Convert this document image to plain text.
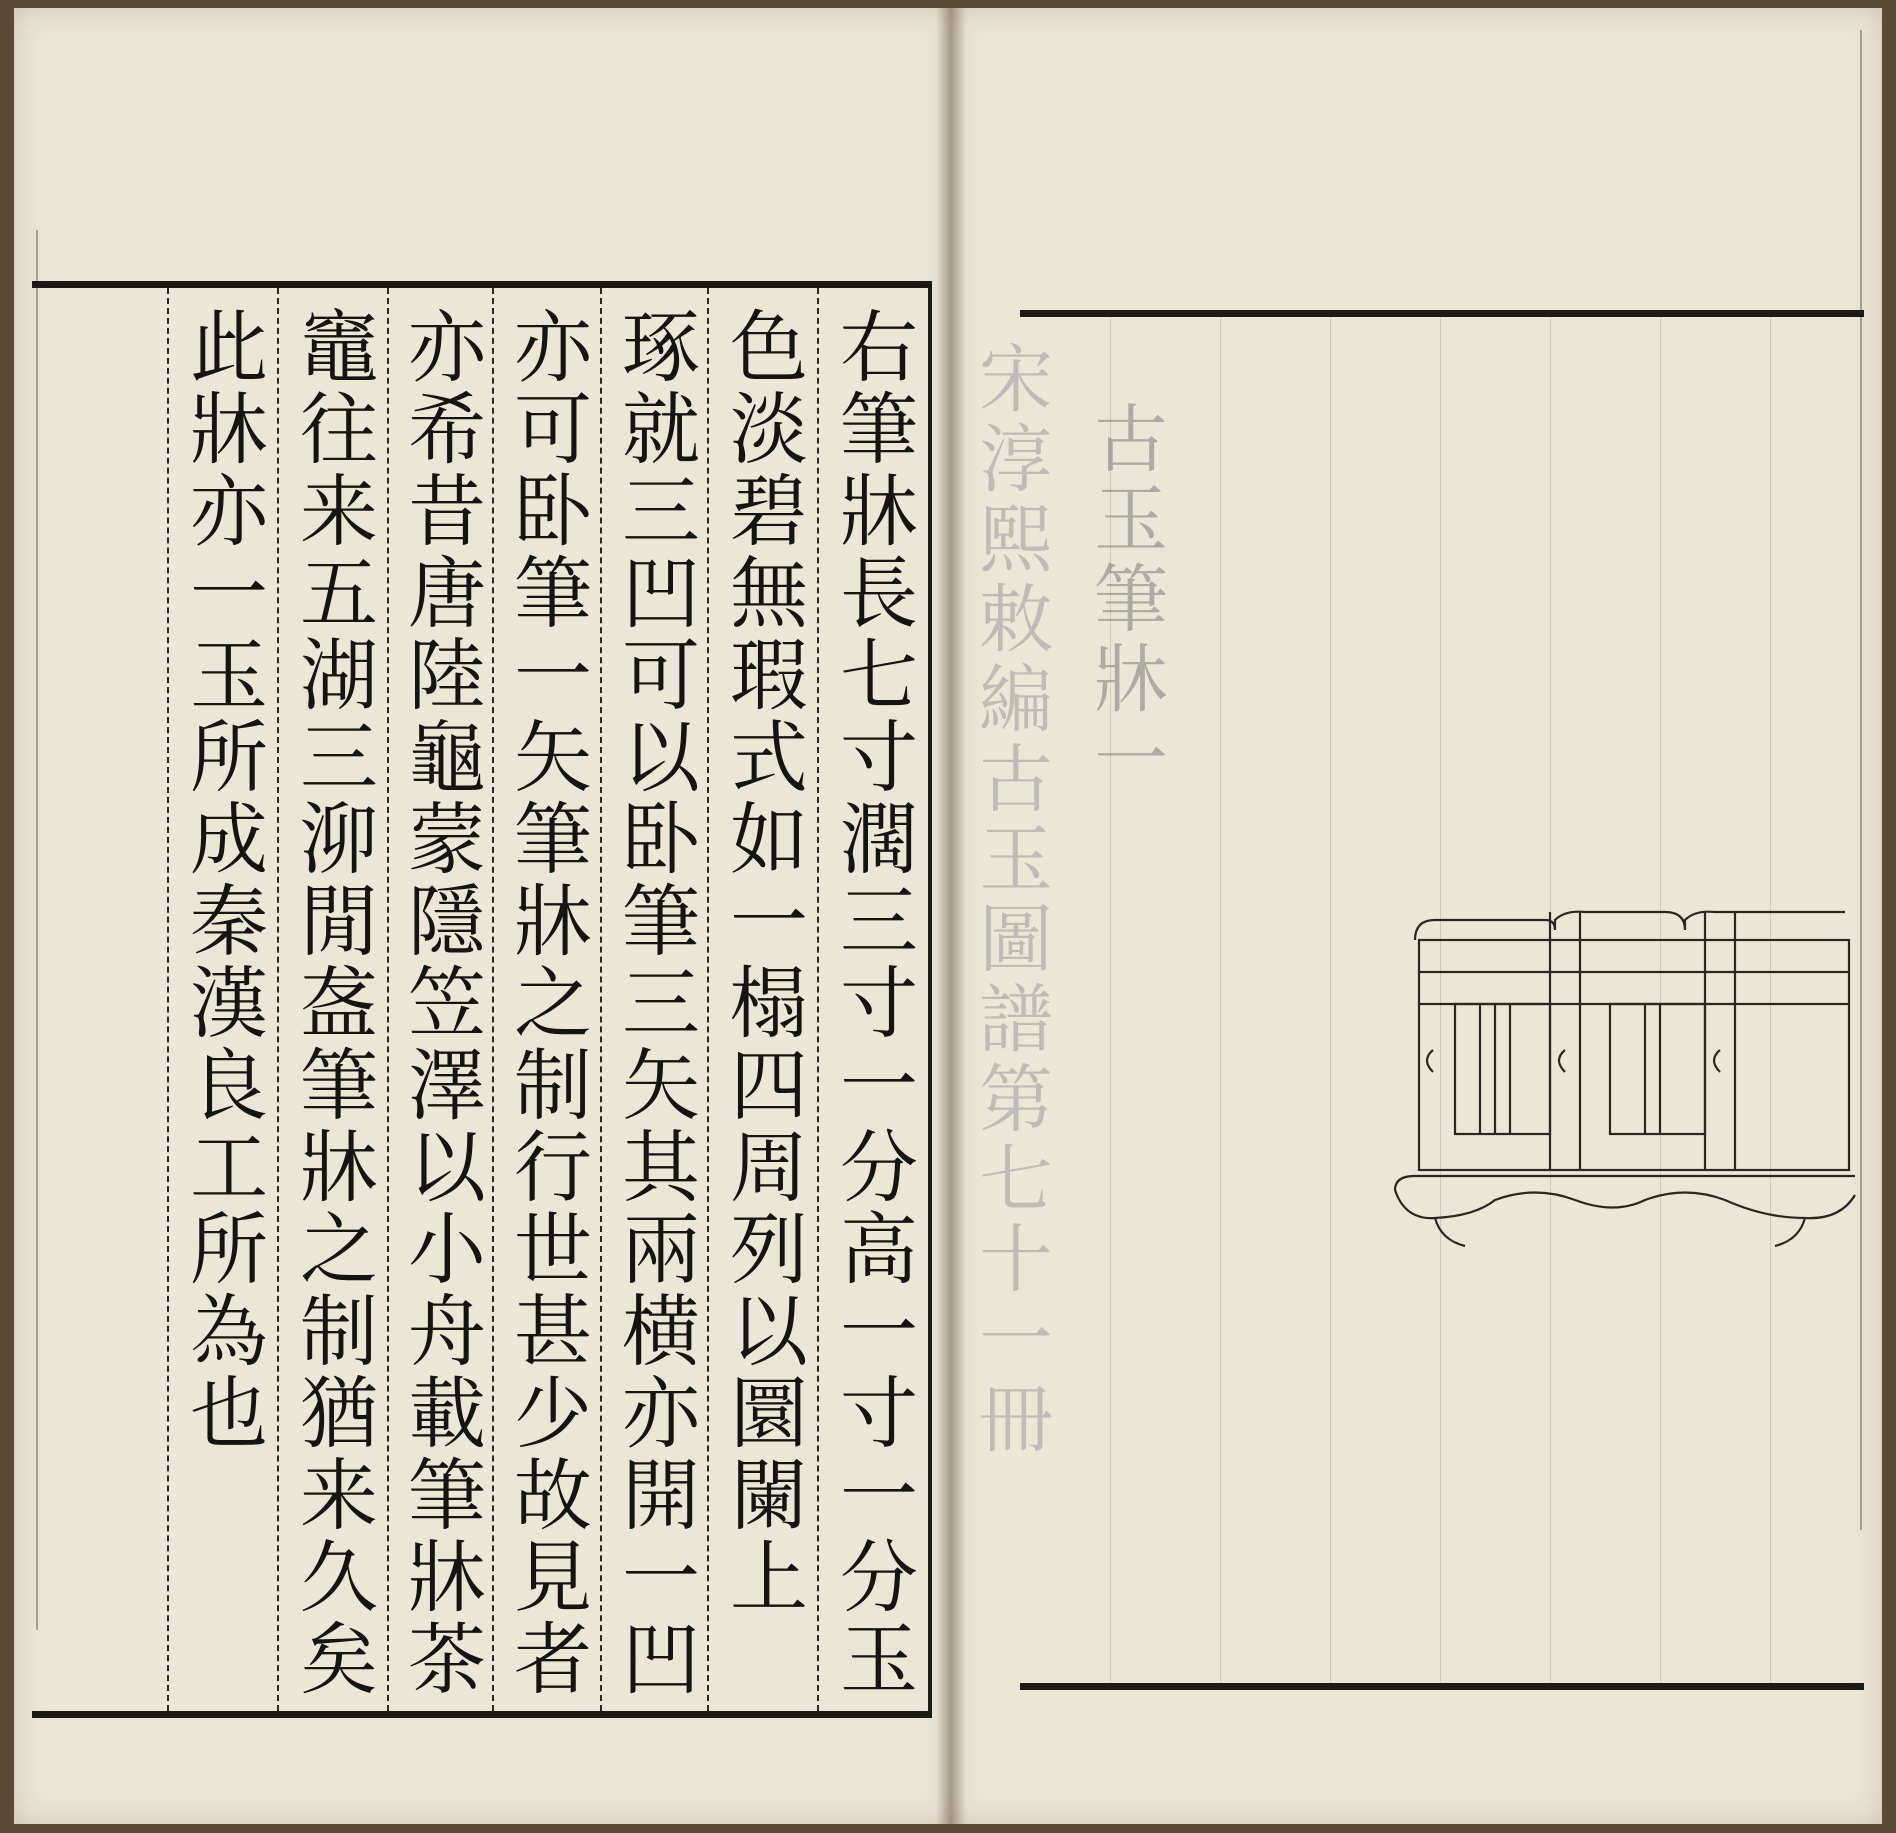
右筆牀長七寸濶三寸一分高一寸一分玉
色淡碧無瑕式如一榻四周列以圜闌上
琢就三凹可以卧筆三矢其兩横亦開一凹
亦可卧筆一矢筆牀之制行世甚少故見者
亦希昔唐陸龜蒙隱笠澤以小舟載筆牀茶
竈往来五湖三泖閒盋筆牀之制猶来久矣
此牀亦一玉所成秦漢良工所為也	宋淳熙敕編古玉圖譜第七十一冊 古玉筆牀一
